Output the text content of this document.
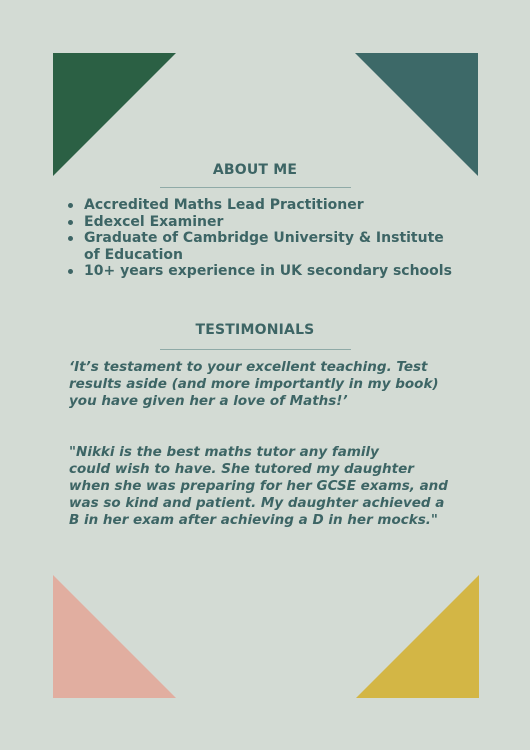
ABOUT ME
Accredited Maths Lead Practitioner
Edexcel Examiner
Graduate of Cambridge University & Institute
of Education
10+ years experience in UK secondary schools
TESTIMONIALS

‘It’s testament to your excellent teaching. Test
results aside (and more importantly in my book)
you have given her a love of Maths!’

"Nikki is the best maths tutor any family
could wish to have. She tutored my daughter
when she was preparing for her GCSE exams, and
was so kind and patient. My daughter achieved a
B in her exam after achieving a D in her mocks."
